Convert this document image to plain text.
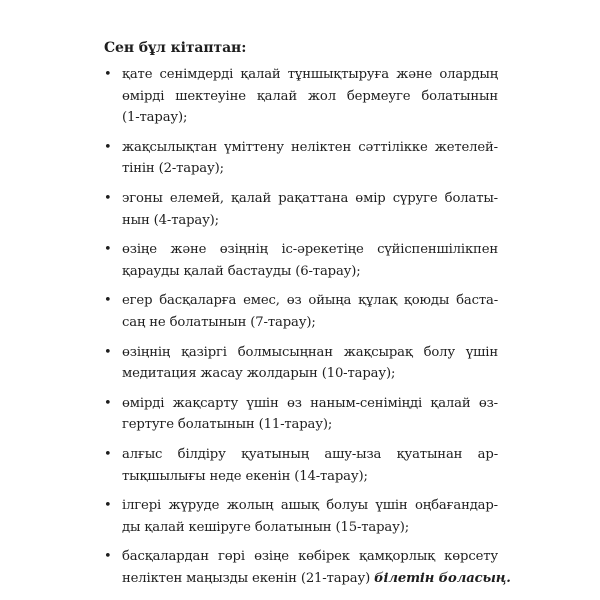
Сен бұл кітаптан:
• қате сенімдерді қалай тұншықтыруға және олардың
өмірді шектеуіне қалай жол бермеуге болатынын
(1-тарау);
• жақсылықтан үміттену неліктен сәттілікке жетелей-
тінін (2-тарау);
• эгоны елемей, қалай рақаттана өмір сүруге болаты-
нын (4-тарау);
• өзіңе және өзіңнің іс-әрекетіңе сүйіспеншілікпен
қарауды қалай бастауды (6-тарау);
• егер басқаларға емес, өз ойыңа құлақ қоюды баста-
саң не болатынын (7-тарау);
• өзіңнің қазіргі болмысыңнан жақсырақ болу үшін
медитация жасау жолдарын (10-тарау);
• өмірді жақсарту үшін өз наным-сеніміңді қалай өз-
гертуге болатынын (11-тарау);
• алғыс білдіру қуатының ашу-ыза қуатынан ар-
тықшылығы неде екенін (14-тарау);
• ілгері жүруде жолың ашық болуы үшін оңбағандар-
ды қалай кешіруге болатынын (15-тарау);
• басқалардан гөрі өзіңе көбірек қамқорлық көрсету
неліктен маңызды екенін (21-тарау) білетін боласың.
